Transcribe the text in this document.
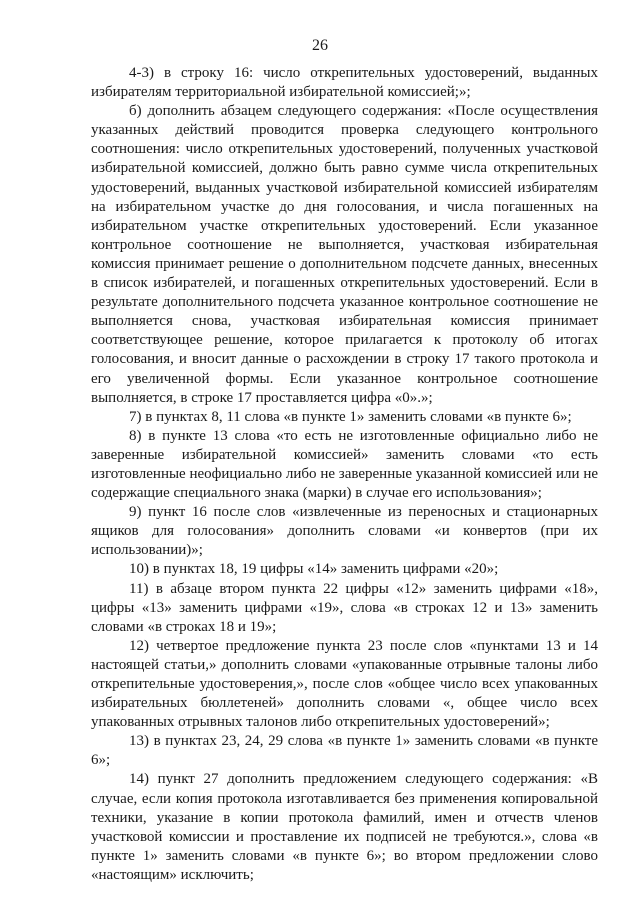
26

4-3) в строку 16: число открепительных удостоверений, выданных избирателям территориальной избирательной комиссией;»;

б) дополнить абзацем следующего содержания: «После осуществления указанных действий проводится проверка следующего контрольного соотношения: число открепительных удостоверений, полученных участковой избирательной комиссией, должно быть равно сумме числа открепительных удостоверений, выданных участковой избирательной комиссией избирателям на избирательном участке до дня голосования, и числа погашенных на избирательном участке открепительных удостоверений. Если указанное контрольное соотношение не выполняется, участковая избирательная комиссия принимает решение о дополнительном подсчете данных, внесенных в список избирателей, и погашенных открепительных удостоверений. Если в результате дополнительного подсчета указанное контрольное соотношение не выполняется снова, участковая избирательная комиссия принимает соответствующее решение, которое прилагается к протоколу об итогах голосования, и вносит данные о расхождении в строку 17 такого протокола и его увеличенной формы. Если указанное контрольное соотношение выполняется, в строке 17 проставляется цифра «0».»;

7) в пунктах 8, 11 слова «в пункте 1» заменить словами «в пункте 6»;

8) в пункте 13 слова «то есть не изготовленные официально либо не заверенные избирательной комиссией» заменить словами «то есть изготовленные неофициально либо не заверенные указанной комиссией или не содержащие специального знака (марки) в случае его использования»;

9) пункт 16 после слов «извлеченные из переносных и стационарных ящиков для голосования» дополнить словами «и конвертов (при их использовании)»;

10) в пунктах 18, 19 цифры «14» заменить цифрами «20»;

11) в абзаце втором пункта 22 цифры «12» заменить цифрами «18», цифры «13» заменить цифрами «19», слова «в строках 12 и 13» заменить словами «в строках 18 и 19»;

12) четвертое предложение пункта 23 после слов «пунктами 13 и 14 настоящей статьи,» дополнить словами «упакованные отрывные талоны либо открепительные удостоверения,», после слов «общее число всех упакованных избирательных бюллетеней» дополнить словами «, общее число всех упакованных отрывных талонов либо открепительных удостоверений»;

13) в пунктах 23, 24, 29 слова «в пункте 1» заменить словами «в пункте 6»;

14) пункт 27 дополнить предложением следующего содержания: «В случае, если копия протокола изготавливается без применения копировальной техники, указание в копии протокола фамилий, имен и отчеств членов участковой комиссии и проставление их подписей не требуются.», слова «в пункте 1» заменить словами «в пункте 6»; во втором предложении слово «настоящим» исключить;
